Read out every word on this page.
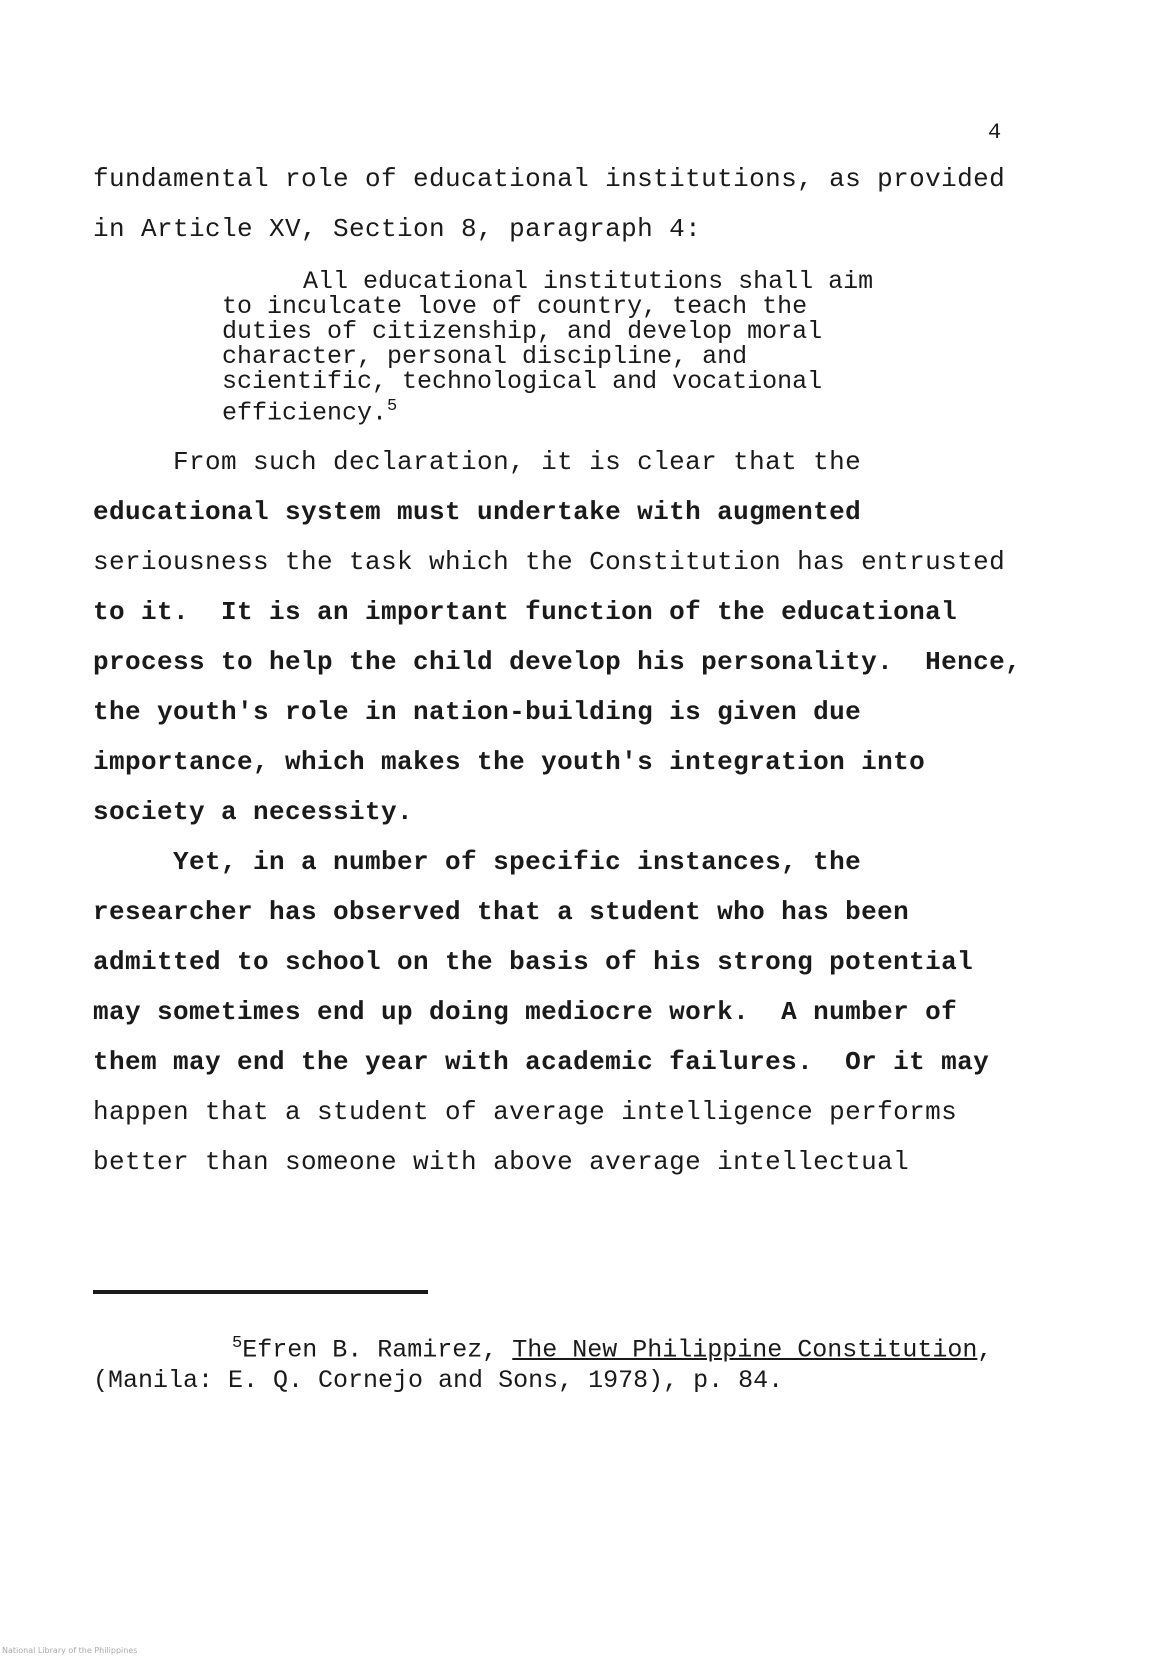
4
fundamental role of educational institutions, as provided
in Article XV, Section 8, paragraph 4:
All educational institutions shall aim
to inculcate love of country, teach the
duties of citizenship, and develop moral
character, personal discipline, and
scientific, technological and vocational
efficiency.$^5$
From such declaration, it is clear that the
educational system must undertake with augmented
seriousness the task which the Constitution has entrusted
to it.  It is an important function of the educational
process to help the child develop his personality.  Hence,
the youth's role in nation-building is given due
importance, which makes the youth's integration into
society a necessity.
Yet, in a number of specific instances, the
researcher has observed that a student who has been
admitted to school on the basis of his strong potential
may sometimes end up doing mediocre work.  A number of
them may end the year with academic failures.  Or it may
happen that a student of average intelligence performs
better than someone with above average intellectual
$^5$Efren B. Ramirez, The New Philippine Constitution,
(Manila: E. Q. Cornejo and Sons, 1978), p. 84.
National Library of the Philippines
